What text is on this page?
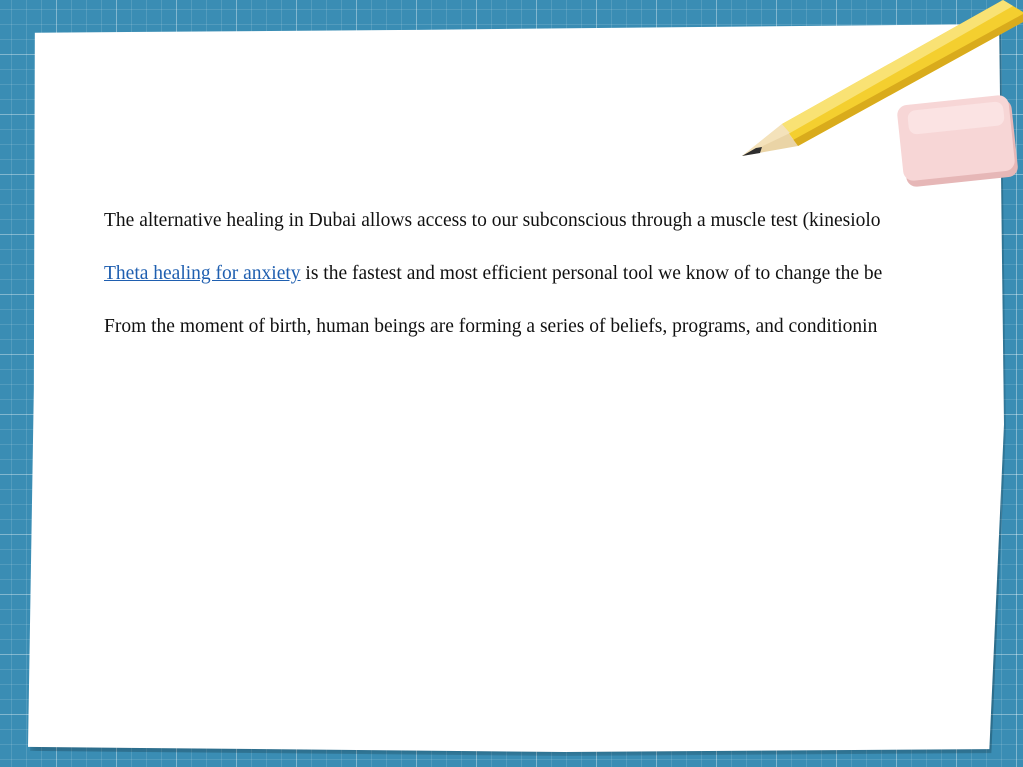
The alternative healing in Dubai allows access to our subconscious through a muscle test (kinesiolo

Theta healing for anxiety is the fastest and most efficient personal tool we know of to change the be

From the moment of birth, human beings are forming a series of beliefs, programs, and conditionin
